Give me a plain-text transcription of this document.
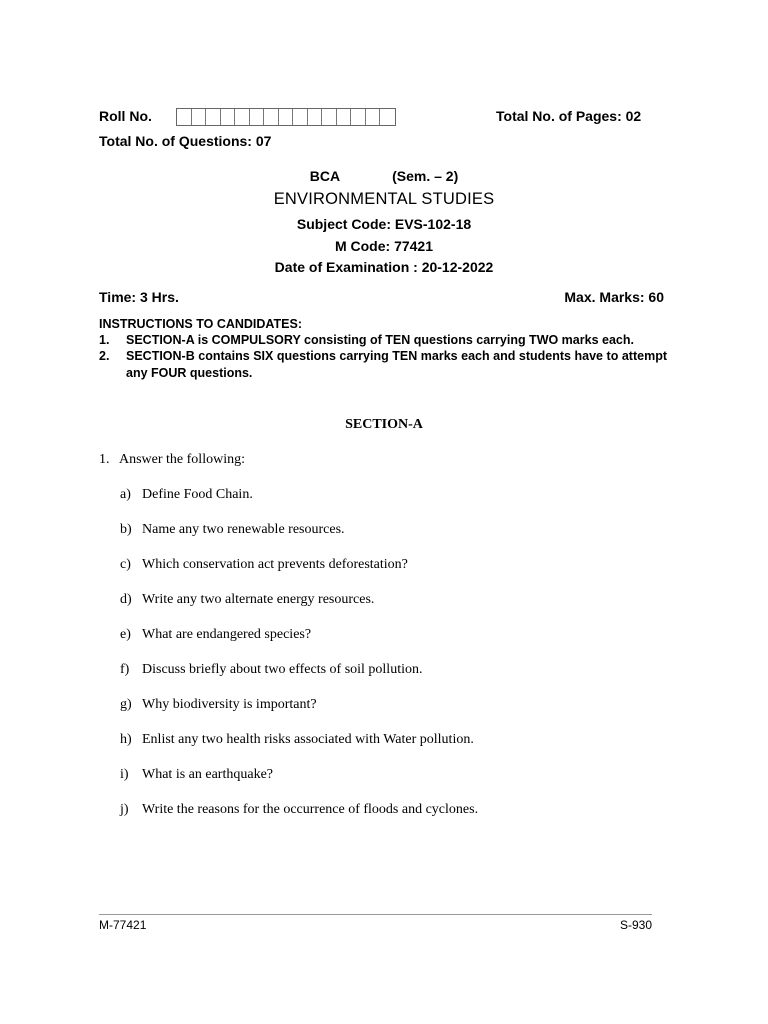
Roll No.	Total No. of Pages: 02
Total No. of Questions: 07
BCA	(Sem. – 2)
ENVIRONMENTAL STUDIES
Subject Code: EVS-102-18
M Code: 77421
Date of Examination : 20-12-2022
Time: 3 Hrs.	Max. Marks: 60
INSTRUCTIONS TO CANDIDATES:
1.	SECTION-A is COMPULSORY consisting of TEN questions carrying TWO marks each.
2.	SECTION-B contains SIX questions carrying TEN marks each and students have to attempt any FOUR questions.
SECTION-A
1. Answer the following:
a) Define Food Chain.
b) Name any two renewable resources.
c) Which conservation act prevents deforestation?
d) Write any two alternate energy resources.
e) What are endangered species?
f) Discuss briefly about two effects of soil pollution.
g) Why biodiversity is important?
h) Enlist any two health risks associated with Water pollution.
i) What is an earthquake?
j) Write the reasons for the occurrence of floods and cyclones.
M-77421	S-930
